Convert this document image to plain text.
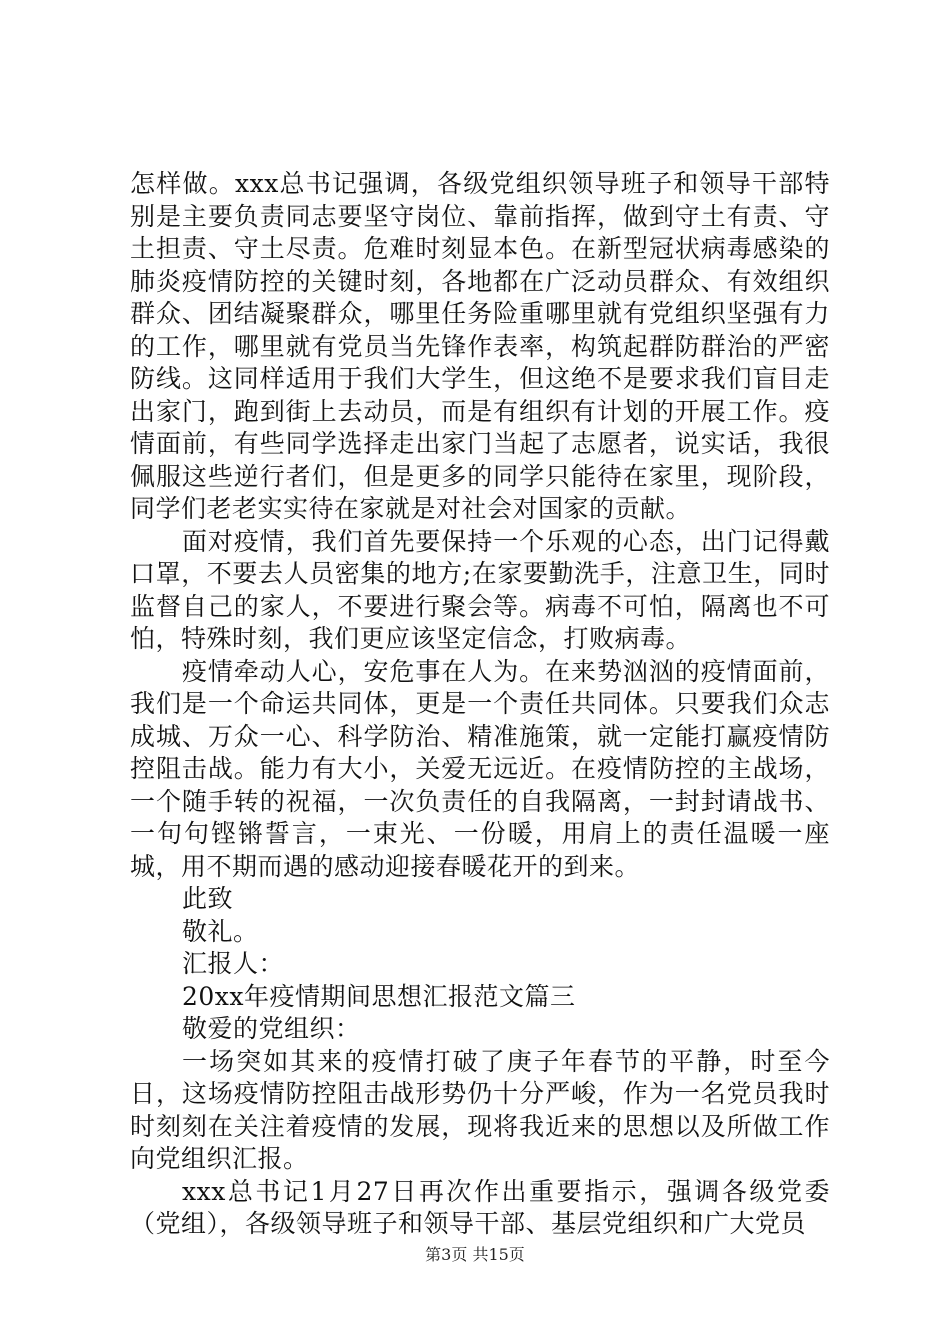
怎样做。xxx总书记强调，各级党组织领导班子和领导干部特别是主要负责同志要坚守岗位、靠前指挥，做到守土有责、守土担责、守土尽责。危难时刻显本色。在新型冠状病毒感染的肺炎疫情防控的关键时刻，各地都在广泛动员群众、有效组织群众、团结凝聚群众，哪里任务险重哪里就有党组织坚强有力的工作，哪里就有党员当先锋作表率，构筑起群防群治的严密防线。这同样适用于我们大学生，但这绝不是要求我们盲目走出家门，跑到街上去动员，而是有组织有计划的开展工作。疫情面前，有些同学选择走出家门当起了志愿者，说实话，我很佩服这些逆行者们，但是更多的同学只能待在家里，现阶段，同学们老老实实待在家就是对社会对国家的贡献。

面对疫情，我们首先要保持一个乐观的心态，出门记得戴口罩，不要去人员密集的地方;在家要勤洗手，注意卫生，同时监督自己的家人，不要进行聚会等。病毒不可怕，隔离也不可怕，特殊时刻，我们更应该坚定信念，打败病毒。

疫情牵动人心，安危事在人为。在来势汹汹的疫情面前，我们是一个命运共同体，更是一个责任共同体。只要我们众志成城、万众一心、科学防治、精准施策，就一定能打赢疫情防控阻击战。能力有大小，关爱无远近。在疫情防控的主战场，一个随手转的祝福，一次负责任的自我隔离，一封封请战书、一句句铿锵誓言，一束光、一份暖，用肩上的责任温暖一座城，用不期而遇的感动迎接春暖花开的到来。

此致

敬礼。

汇报人：

20xx年疫情期间思想汇报范文篇三

敬爱的党组织：

一场突如其来的疫情打破了庚子年春节的平静，时至今日，这场疫情防控阻击战形势仍十分严峻，作为一名党员我时时刻刻在关注着疫情的发展，现将我近来的思想以及所做工作向党组织汇报。

xxx总书记1月27日再次作出重要指示，强调各级党委（党组），各级领导班子和领导干部、基层党组织和广大党员

第3页 共15页
